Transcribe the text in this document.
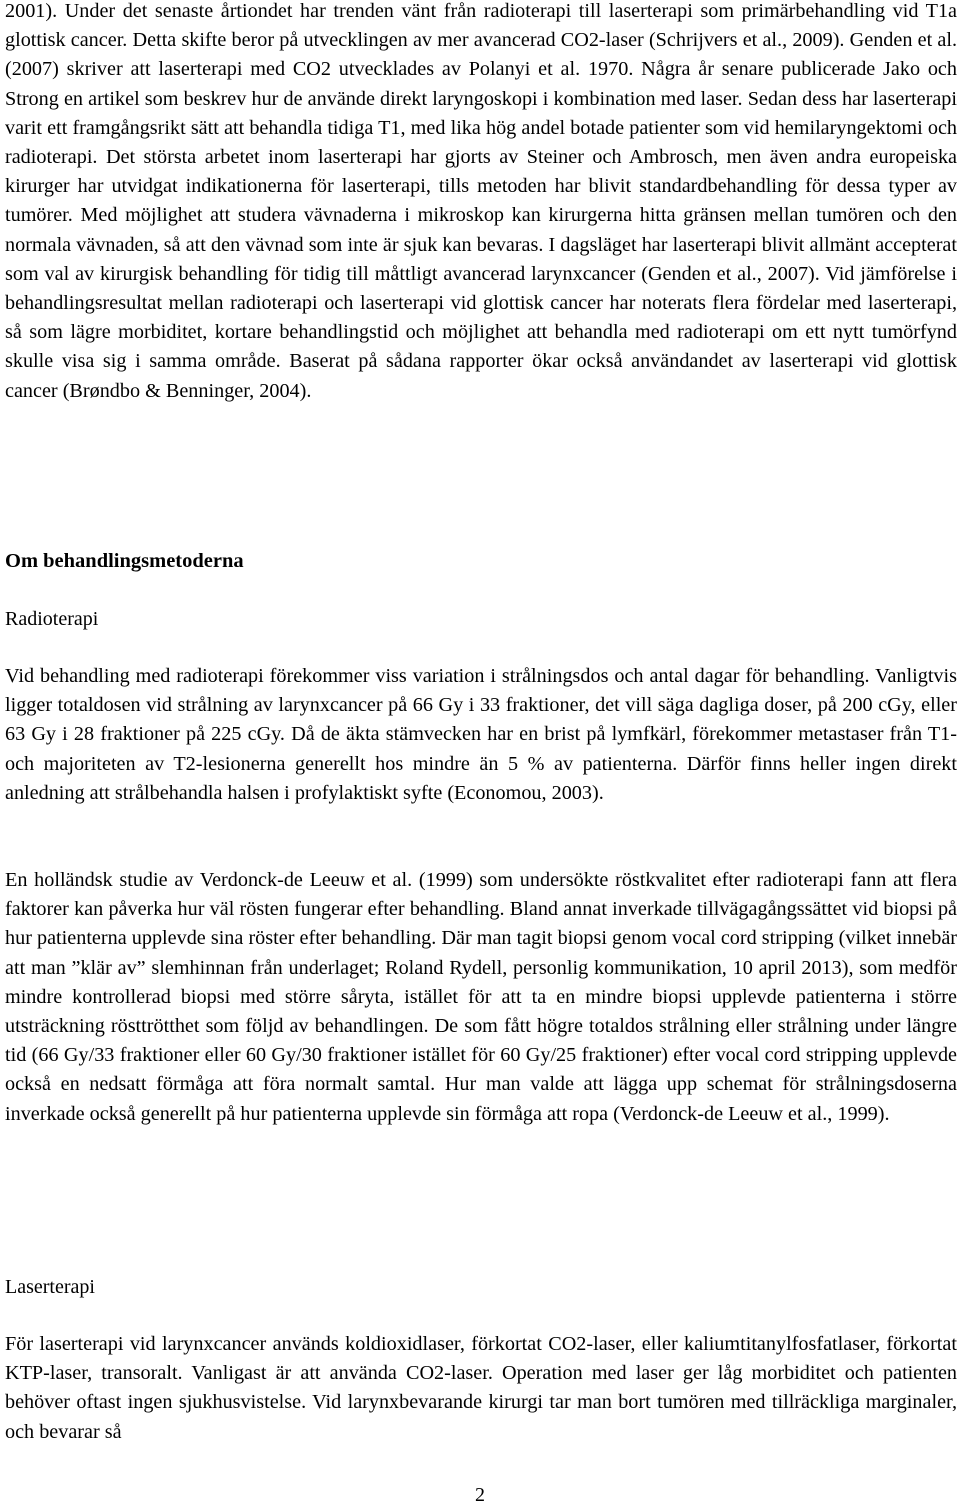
2001). Under det senaste årtiondet har trenden vänt från radioterapi till laserterapi som primärbehandling vid T1a glottisk cancer. Detta skifte beror på utvecklingen av mer avancerad CO2-laser (Schrijvers et al., 2009). Genden et al. (2007) skriver att laserterapi med CO2 utvecklades av Polanyi et al. 1970. Några år senare publicerade Jako och Strong en artikel som beskrev hur de använde direkt laryngoskopi i kombination med laser. Sedan dess har laserterapi varit ett framgångsrikt sätt att behandla tidiga T1, med lika hög andel botade patienter som vid hemilaryngektomi och radioterapi. Det största arbetet inom laserterapi har gjorts av Steiner och Ambrosch, men även andra europeiska kirurger har utvidgat indikationerna för laserterapi, tills metoden har blivit standardbehandling för dessa typer av tumörer. Med möjlighet att studera vävnaderna i mikroskop kan kirurgerna hitta gränsen mellan tumören och den normala vävnaden, så att den vävnad som inte är sjuk kan bevaras. I dagsläget har laserterapi blivit allmänt accepterat som val av kirurgisk behandling för tidig till måttligt avancerad larynxcancer (Genden et al., 2007). Vid jämförelse i behandlingsresultat mellan radioterapi och laserterapi vid glottisk cancer har noterats flera fördelar med laserterapi, så som lägre morbiditet, kortare behandlingstid och möjlighet att behandla med radioterapi om ett nytt tumörfynd skulle visa sig i samma område. Baserat på sådana rapporter ökar också användandet av laserterapi vid glottisk cancer (Brøndbo & Benninger, 2004).

Om behandlingsmetoderna
Radioterapi

Vid behandling med radioterapi förekommer viss variation i strålningsdos och antal dagar för behandling. Vanligtvis ligger totaldosen vid strålning av larynxcancer på 66 Gy i 33 fraktioner, det vill säga dagliga doser, på 200 cGy, eller 63 Gy i 28 fraktioner på 225 cGy. Då de äkta stämvecken har en brist på lymfkärl, förekommer metastaser från T1- och majoriteten av T2-lesionerna generellt hos mindre än 5 % av patienterna. Därför finns heller ingen direkt anledning att strålbehandla halsen i profylaktiskt syfte (Economou, 2003).

En holländsk studie av Verdonck-de Leeuw et al. (1999) som undersökte röstkvalitet efter radioterapi fann att flera faktorer kan påverka hur väl rösten fungerar efter behandling. Bland annat inverkade tillvägagångssättet vid biopsi på hur patienterna upplevde sina röster efter behandling. Där man tagit biopsi genom vocal cord stripping (vilket innebär att man ”klär av” slemhinnan från underlaget; Roland Rydell, personlig kommunikation, 10 april 2013), som medför mindre kontrollerad biopsi med större sårytа, istället för att ta en mindre biopsi upplevde patienterna i större utsträckning rösttrötthet som följd av behandlingen. De som fått högre totaldos strålning eller strålning under längre tid (66 Gy/33 fraktioner eller 60 Gy/30 fraktioner istället för 60 Gy/25 fraktioner) efter vocal cord stripping upplevde också en nedsatt förmåga att föra normalt samtal. Hur man valde att lägga upp schemat för strålningsdoserna inverkade också generellt på hur patienterna upplevde sin förmåga att ropa (Verdonck-de Leeuw et al., 1999).

Laserterapi

För laserterapi vid larynxcancer används koldioxidlaser, förkortat CO2-laser, eller kaliumtitanylfosfatlaser, förkortat KTP-laser, transoralt. Vanligast är att använda CO2-laser. Operation med laser ger låg morbiditet och patienten behöver oftast ingen sjukhusvistelse. Vid larynxbevarande kirurgi tar man bort tumören med tillräckliga marginaler, och bevarar så

2
